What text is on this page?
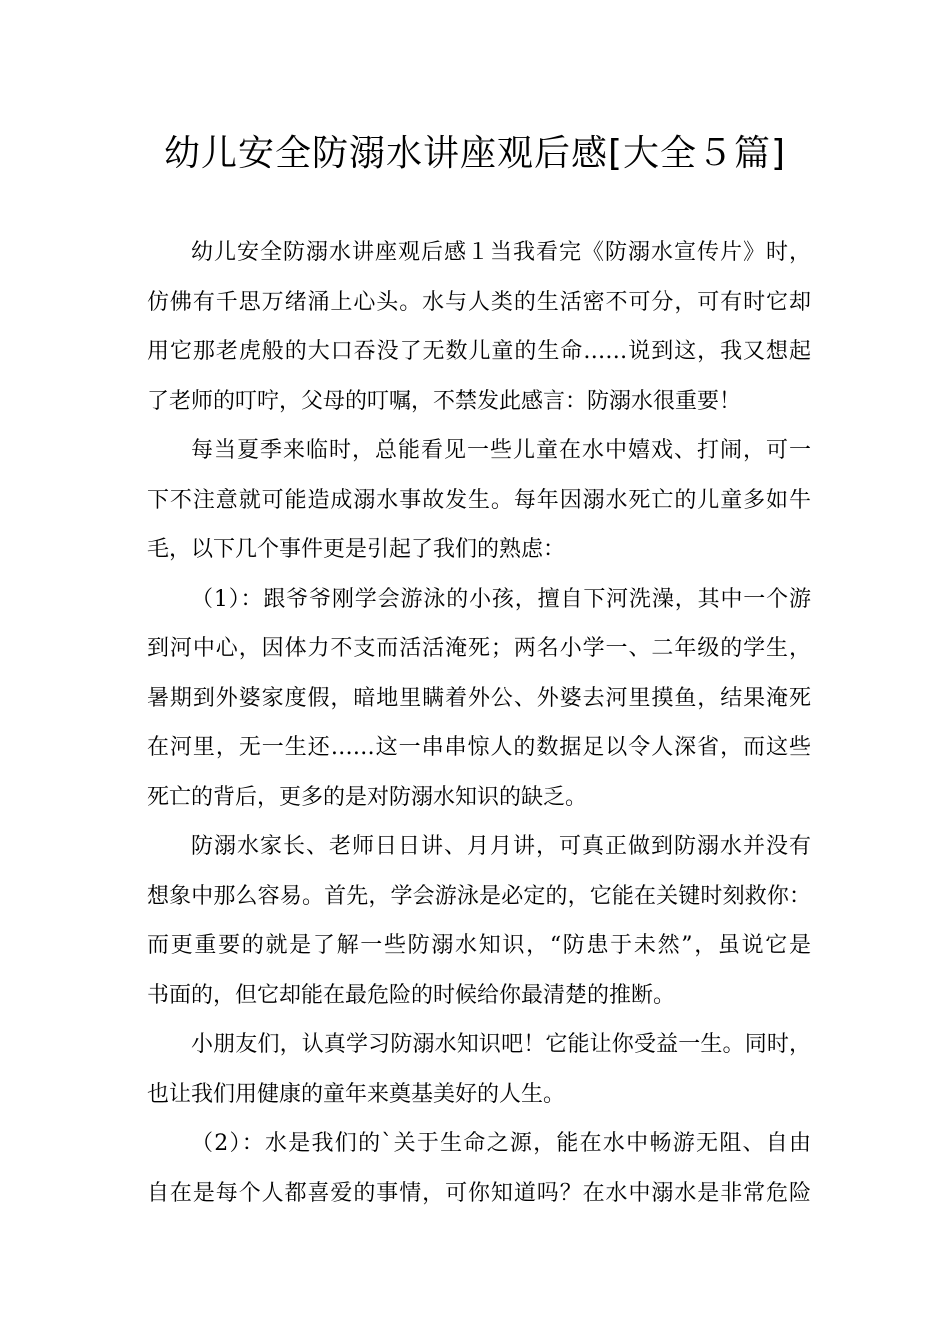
幼儿安全防溺水讲座观后感[大全５篇]
幼儿安全防溺水讲座观后感１当我看完《防溺水宣传片》时，
仿佛有千思万绪涌上心头。水与人类的生活密不可分，可有时它却
用它那老虎般的大口吞没了无数儿童的生命……说到这，我又想起
了老师的叮咛，父母的叮嘱，不禁发此感言：防溺水很重要！
每当夏季来临时，总能看见一些儿童在水中嬉戏、打闹，可一
下不注意就可能造成溺水事故发生。每年因溺水死亡的儿童多如牛
毛，以下几个事件更是引起了我们的熟虑：
（1）：跟爷爷刚学会游泳的小孩，擅自下河洗澡，其中一个游
到河中心，因体力不支而活活淹死；两名小学一、二年级的学生，
暑期到外婆家度假，暗地里瞒着外公、外婆去河里摸鱼，结果淹死
在河里，无一生还……这一串串惊人的数据足以令人深省，而这些
死亡的背后，更多的是对防溺水知识的缺乏。
防溺水家长、老师日日讲、月月讲，可真正做到防溺水并没有
想象中那么容易。首先，学会游泳是必定的，它能在关键时刻救你：
而更重要的就是了解一些防溺水知识，“防患于未然”，虽说它是
书面的，但它却能在最危险的时候给你最清楚的推断。
小朋友们，认真学习防溺水知识吧！它能让你受益一生。同时，
也让我们用健康的童年来奠基美好的人生。
（2）：水是我们的`关于生命之源，能在水中畅游无阻、自由
自在是每个人都喜爱的事情，可你知道吗？在水中溺水是非常危险
